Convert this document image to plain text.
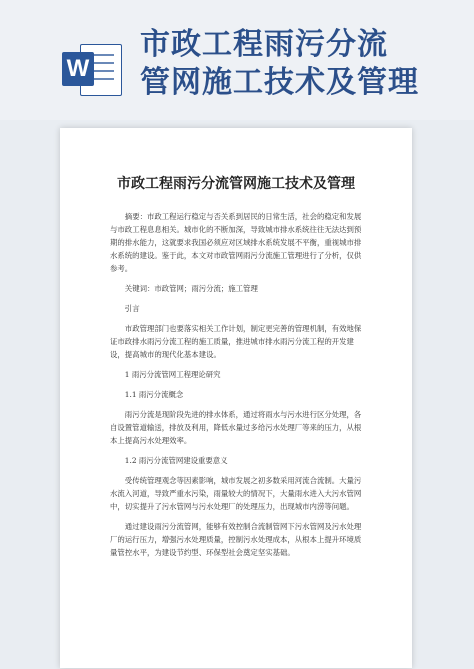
W
市政工程雨污分流
管网施工技术及管理
市政工程雨污分流管网施工技术及管理

摘要：市政工程运行稳定与否关系到居民的日常生活，社会的稳定和发展与市政工程息息相关。城市化的不断加深，导致城市排水系统往往无法达到预期的排水能力，这就要求我国必须应对区域排水系统发展不平衡，重视城市排水系统的建设。鉴于此，本文对市政管网雨污分流施工管理进行了分析，仅供参考。

关键词：市政管网；雨污分流；施工管理

引言

市政管理部门也要落实相关工作计划，制定更完善的管理机制，有效地保证市政排水雨污分流工程的施工质量，推进城市排水雨污分流工程的开发建设，提高城市的现代化基本建设。

1 雨污分流管网工程理论研究

1.1 雨污分流概念

雨污分流是现阶段先进的排水体系，通过将雨水与污水进行区分处理，各自设置管道输送，排放及利用，降低水量过多给污水处理厂等来的压力，从根本上提高污水处理效率。

1.2 雨污分流管网建设重要意义

受传统管理观念等因素影响，城市发展之初多数采用河流合流制。大量污水流入河道，导致严重水污染，雨量较大的情况下，大量雨水进入大污水管网中，切实提升了污水管网与污水处理厂的处理压力，出现城市内涝等问题。

通过建设雨污分流管网，能够有效控制合流制管网下污水管网及污水处理厂的运行压力，增强污水处理质量，控制污水处理成本，从根本上提升环境质量管控水平，为建设节约型、环保型社会奠定坚实基础。
